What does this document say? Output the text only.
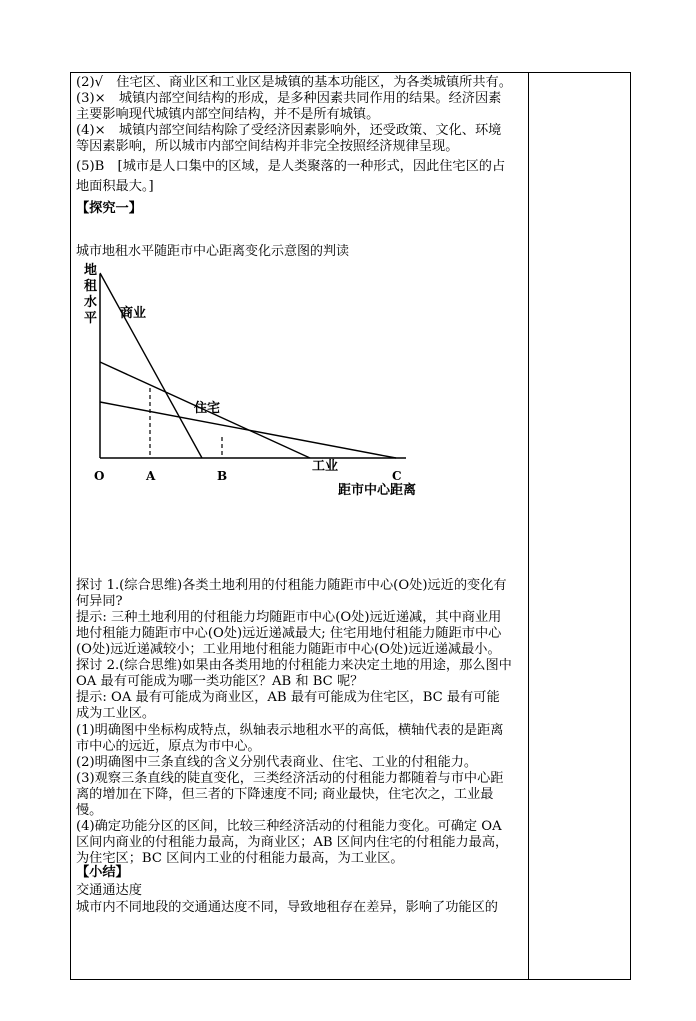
(2)√　住宅区、商业区和工业区是城镇的基本功能区，为各类城镇所共有。
(3)×　城镇内部空间结构的形成，是多种因素共同作用的结果。经济因素
主要影响现代城镇内部空间结构，并不是所有城镇。
(4)×　城镇内部空间结构除了受经济因素影响外，还受政策、文化、环境
等因素影响，所以城市内部空间结构并非完全按照经济规律呈现。
(5)B　[城市是人口集中的区域，是人类聚落的一种形式，因此住宅区的占
地面积最大。]
【探究一】
城市地租水平随距市中心距离变化示意图的判读
地
租
水
平
距市中心距离
O	A	B	C
商业
住宅
工业
探讨 1.(综合思维)各类土地利用的付租能力随距市中心(O处)远近的变化有
何异同?
提示: 三种土地利用的付租能力均随距市中心(O处)远近递减，其中商业用
地付租能力随距市中心(O处)远近递减最大; 住宅用地付租能力随距市中心
(O处)远近递减较小；工业用地付租能力随距市中心(O处)远近递减最小。
探讨 2.(综合思维)如果由各类用地的付租能力来决定土地的用途，那么图中
OA 最有可能成为哪一类功能区？AB 和 BC 呢？
提示: OA 最有可能成为商业区，AB 最有可能成为住宅区，BC 最有可能
成为工业区。
(1)明确图中坐标构成特点，纵轴表示地租水平的高低，横轴代表的是距离
市中心的远近，原点为市中心。
(2)明确图中三条直线的含义分别代表商业、住宅、工业的付租能力。
(3)观察三条直线的陡直变化，三类经济活动的付租能力都随着与市中心距
离的增加在下降，但三者的下降速度不同; 商业最快，住宅次之，工业最
慢。
(4)确定功能分区的区间，比较三种经济活动的付租能力变化。可确定 OA
区间内商业的付租能力最高，为商业区；AB 区间内住宅的付租能力最高，
为住宅区；BC 区间内工业的付租能力最高，为工业区。
【小结】
交通通达度
城市内不同地段的交通通达度不同，导致地租存在差异，影响了功能区的
